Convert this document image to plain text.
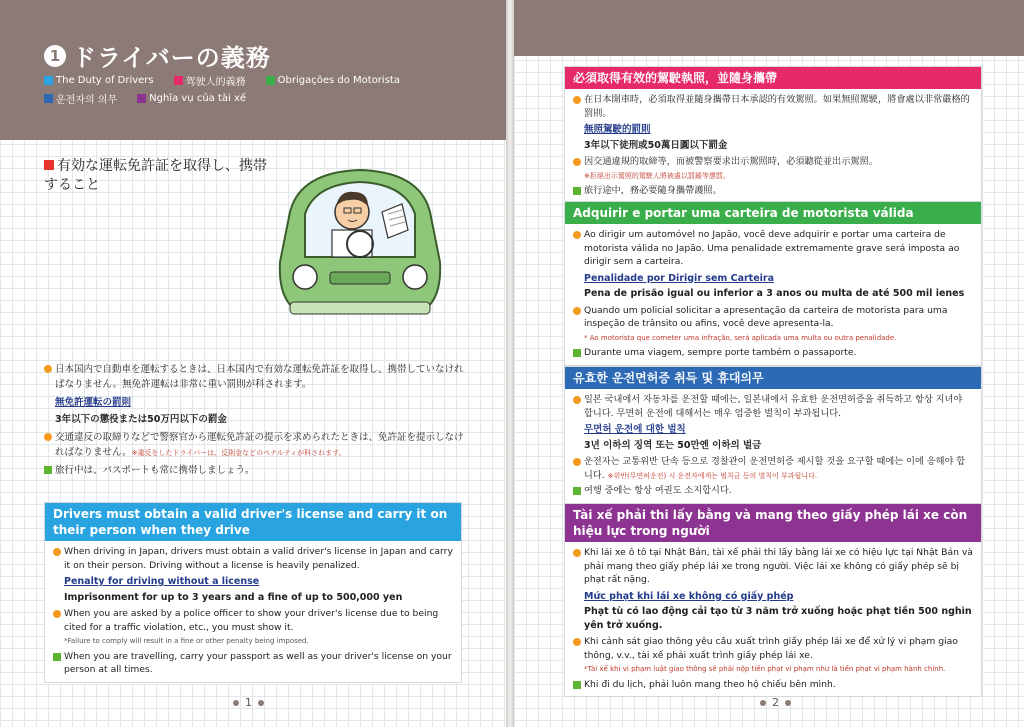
1 ドライバーの義務
The Duty of Drivers	驾驶人的義務	Obrigações do Motorista
운전자의 의무	Nghĩa vụ của tài xế
有効な運転免許証を取得し、携帯すること
日本国内で自動車を運転するときは、日本国内で有効な運転免許証を取得し、携帯していなければなりません。無免許運転は非常に重い罰則が科されます。
無免許運転の罰則
3年以下の懲役または50万円以下の罰金
交通違反の取締りなどで警察官から運転免許証の提示を求められたときは、免許証を提示しなければなりません。※違反をしたドライバーは、反則金などのペナルティが科されます。
旅行中は、パスポートも常に携帯しましょう。
Drivers must obtain a valid driver's license and carry it on their person when they drive
When driving in Japan, drivers must obtain a valid driver's license in Japan and carry it on their person. Driving without a license is heavily penalized.
Penalty for driving without a license
Imprisonment for up to 3 years and a fine of up to 500,000 yen
When you are asked by a police officer to show your driver's license due to being cited for a traffic violation, etc., you must show it.
*Failure to comply will result in a fine or other penalty being imposed.
When you are travelling, carry your passport as well as your driver's license on your person at all times.
1
必須取得有效的駕駛執照，並隨身攜帶
在日本開車時，必須取得並隨身攜帶日本承認的有效駕照。如果無照駕駛，將會處以非常嚴格的罰則。
無照駕駛的罰則
3年以下徒刑或50萬日圓以下罰金
因交通違規的取締等，而被警察要求出示駕照時，必須聽從並出示駕照。
※拒絕出示駕照的駕駛人將被處以罰鍰等懲罰。
旅行途中，務必要隨身攜帶護照。
Adquirir e portar uma carteira de motorista válida
Ao dirigir um automóvel no Japão, você deve adquirir e portar uma carteira de motorista válida no Japão. Uma penalidade extremamente grave será imposta ao dirigir sem a carteira.
Penalidade por Dirigir sem Carteira
Pena de prisão igual ou inferior a 3 anos ou multa de até 500 mil ienes
Quando um policial solicitar a apresentação da carteira de motorista para uma inspeção de trânsito ou afins, você deve apresenta-la.
* Ao motorista que cometer uma infração, será aplicada uma multa ou outra penalidade.
Durante uma viagem, sempre porte também o passaporte.
유효한 운전면허증 취득 및 휴대의무
일본 국내에서 자동차를 운전할 때에는, 일본내에서 유효한 운전면허증을 취득하고 항상 지녀야 합니다. 무면허 운전에 대해서는 매우 엄중한 벌칙이 부과됩니다.
무면허 운전에 대한 벌칙
3년 이하의 징역 또는 50만엔 이하의 벌금
운전자는 교통위반 단속 등으로 경찰관이 운전면허증 제시할 것을 요구할 때에는 이에 응해야 합니다. ※위반(무면허운전) 시 운전자에게는 범칙금 등의 벌칙이 부과됩니다.
여행 중에는 항상 여권도 소지합시다.
Tài xế phải thi lấy bằng và mang theo giấy phép lái xe còn hiệu lực trong người
Khi lái xe ô tô tại Nhật Bản, tài xế phải thi lấy bằng lái xe có hiệu lực tại Nhật Bản và phải mang theo giấy phép lái xe trong người. Việc lái xe không có giấy phép sẽ bị phạt rất nặng.
Mức phạt khi lái xe không có giấy phép
Phạt tù có lao động cải tạo từ 3 năm trở xuống hoặc phạt tiền 500 nghìn yên trở xuống.
Khi cảnh sát giao thông yêu cầu xuất trình giấy phép lái xe để xử lý vi phạm giao thông, v.v., tài xế phải xuất trình giấy phép lái xe.
*Tài xế khi vi phạm luật giao thông sẽ phải nộp tiền phạt vi phạm như là tiền phạt vi phạm hành chính.
Khi đi du lịch, phải luôn mang theo hộ chiếu bên mình.
2
